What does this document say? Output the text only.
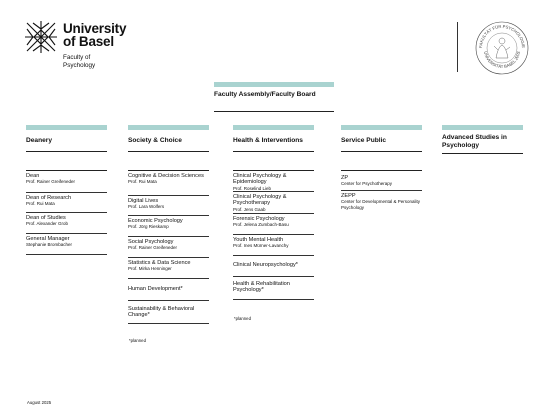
University
of Basel
Faculty of
Psychology
FAKULTÄT FÜR PSYCHOLOGIE
UNIVERSITÄT BASEL 2003
Faculty Assembly/Faculty Board
Deanery
Dean
Prof. Rainer Greifeneder
Dean of Research
Prof. Rui Mata
Dean of Studies
Prof. Alexander Grob
General Manager
Stephanie Brombacher
Society & Choice
Cognitive & Decision Sciences
Prof. Rui Mata
Digital Lives
Prof. Lara Wolfers
Economic Psychology
Prof. Jörg Rieskamp
Social Psychology
Prof. Rainer Greifeneder
Statistics & Data Science
Prof. Mirka Henninger
Human Development*
Sustainability & Behavioral Change*
*planned
Health & Interventions
Clinical Psychology & Epidemiology
Prof. Roselind Lieb
Clinical Psychology & Psychotherapy
Prof. Jens Gaab
Forensic Psychology
Prof. Jelena Zumbach-Basu
Youth Mental Health
Prof. Ines Mürner-Lavanchy
Clinical Neuropsychology*
Health & Rehabilitation Psychology*
*planned
Service Public
ZP
Center for Psychotherapy
ZEPP
Center for Developmental & Personality Psychology
Advanced Studies in Psychology
August 2025
